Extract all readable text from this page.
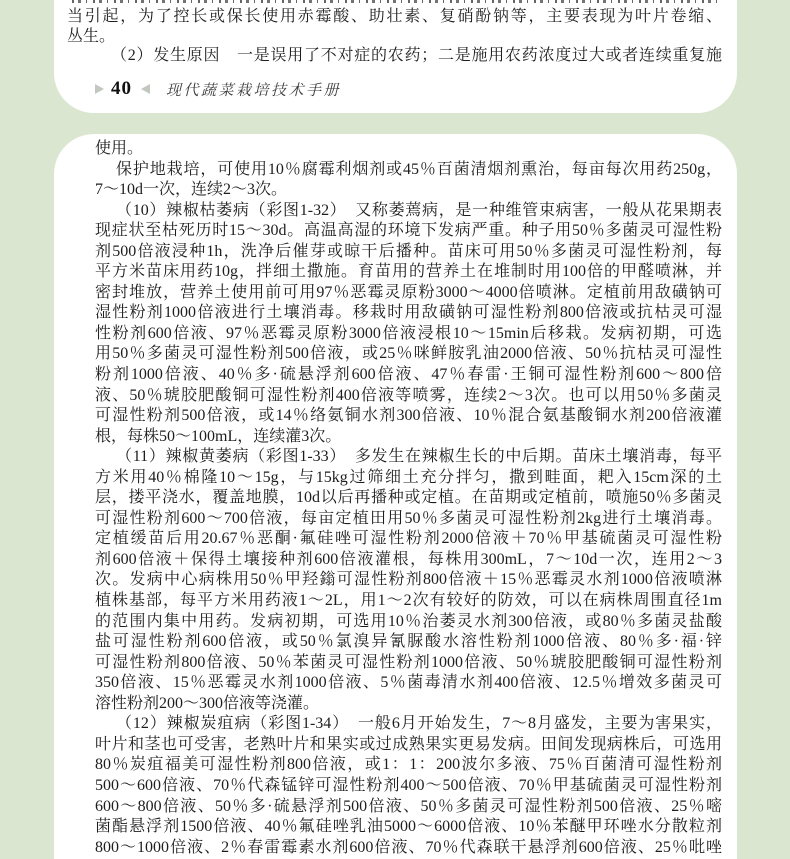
当引起，为了控长或保长使用赤霉酸、助壮素、复硝酚钠等，主要表现为叶片卷缩、
丛生。
（2）发生原因　一是误用了不对症的农药；二是施用农药浓度过大或者连续重复施
40 现代蔬菜栽培技术手册
使用。
保护地栽培，可使用10％腐霉利烟剂或45％百菌清烟剂熏治，每亩每次用药250g，
7～10d一次，连续2～3次。
（10）辣椒枯萎病（彩图1-32）　又称萎蔫病，是一种维管束病害，一般从花果期表
现症状至枯死历时15～30d。高温高湿的环境下发病严重。种子用50％多菌灵可湿性粉
剂500倍液浸种1h，洗净后催芽或晾干后播种。苗床可用50％多菌灵可湿性粉剂，每
平方米苗床用药10g，拌细土撒施。育苗用的营养土在堆制时用100倍的甲醛喷淋，并
密封堆放，营养土使用前可用97％恶霉灵原粉3000～4000倍喷淋。定植前用敌磺钠可
湿性粉剂1000倍液进行土壤消毒。移栽时用敌磺钠可湿性粉剂800倍液或抗枯灵可湿
性粉剂600倍液、97％恶霉灵原粉3000倍液浸根10～15min后移栽。发病初期，可选
用50％多菌灵可湿性粉剂500倍液，或25％咪鲜胺乳油2000倍液、50％抗枯灵可湿性
粉剂1000倍液、40％多·硫悬浮剂600倍液、47％春雷·王铜可湿性粉剂600～800倍
液、50％琥胶肥酸铜可湿性粉剂400倍液等喷雾，连续2～3次。也可以用50％多菌灵
可湿性粉剂500倍液，或14％络氨铜水剂300倍液、10％混合氨基酸铜水剂200倍液灌
根，每株50～100mL，连续灌3次。
（11）辣椒黄萎病（彩图1-33）　多发生在辣椒生长的中后期。苗床土壤消毒，每平
方米用40％棉隆10～15g，与15kg过筛细土充分拌匀，撒到畦面，耙入15cm深的土
层，搂平浇水，覆盖地膜，10d以后再播种或定植。在苗期或定植前，喷施50％多菌灵
可湿性粉剂600～700倍液，每亩定植田用50％多菌灵可湿性粉剂2kg进行土壤消毒。
定植缓苗后用20.67％恶酮·氟硅唑可湿性粉剂2000倍液＋70％甲基硫菌灵可湿性粉
剂600倍液＋保得土壤接种剂600倍液灌根，每株用300mL，7～10d一次，连用2～3
次。发病中心病株用50％甲羟鎓可湿性粉剂800倍液＋15％恶霉灵水剂1000倍液喷淋
植株基部，每平方米用药液1～2L，用1～2次有较好的防效，可以在病株周围直径1m
的范围内集中用药。发病初期，可选用10％治萎灵水剂300倍液，或80％多菌灵盐酸
盐可湿性粉剂600倍液，或50％氯溴异氰脲酸水溶性粉剂1000倍液、80％多·福·锌
可湿性粉剂800倍液、50％苯菌灵可湿性粉剂1000倍液、50％琥胶肥酸铜可湿性粉剂
350倍液、15％恶霉灵水剂1000倍液、5％菌毒清水剂400倍液、12.5％增效多菌灵可
溶性粉剂200～300倍液等浇灌。
（12）辣椒炭疽病（彩图1-34）　一般6月开始发生，7～8月盛发，主要为害果实，
叶片和茎也可受害，老熟叶片和果实或过成熟果实更易发病。田间发现病株后，可选用
80％炭疽福美可湿性粉剂800倍液，或1：1：200波尔多液、75％百菌清可湿性粉剂
500～600倍液、70％代森锰锌可湿性粉剂400～500倍液、70％甲基硫菌灵可湿性粉剂
600～800倍液、50％多·硫悬浮剂500倍液、50％多菌灵可湿性粉剂500倍液、25％嘧
菌酯悬浮剂1500倍液、40％氟硅唑乳油5000～6000倍液、10％苯醚甲环唑水分散粒剂
800～1000倍液、2％春雷霉素水剂600倍液、70％代森联干悬浮剂600倍液、25％吡唑
